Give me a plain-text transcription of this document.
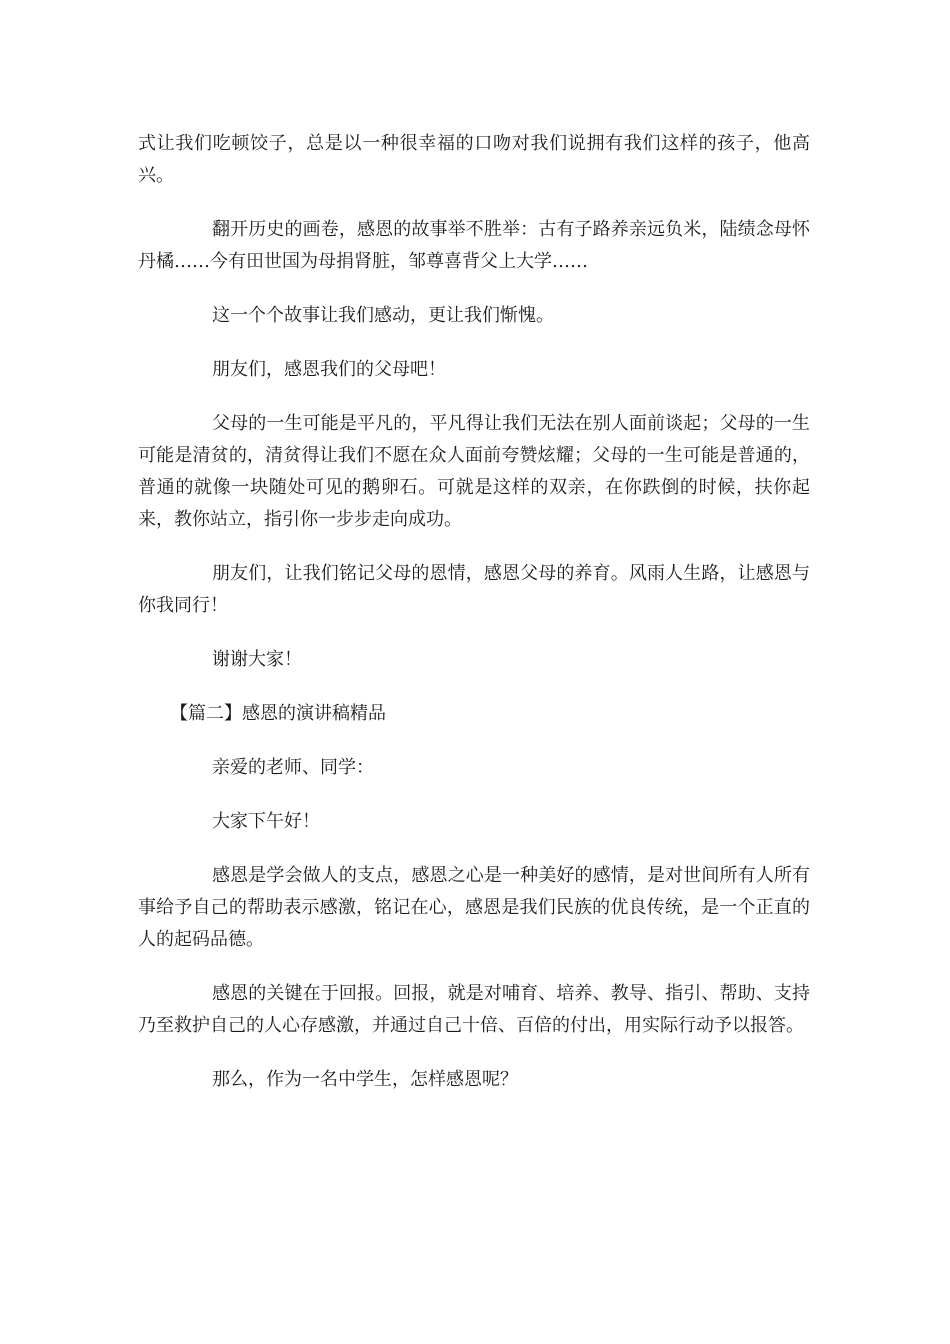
式让我们吃顿饺子，总是以一种很幸福的口吻对我们说拥有我们这样的孩子，他高兴。

翻开历史的画卷，感恩的故事举不胜举：古有子路养亲远负米，陆绩念母怀丹橘……今有田世国为母捐肾脏，邹尊喜背父上大学……

这一个个故事让我们感动，更让我们惭愧。

朋友们，感恩我们的父母吧！

父母的一生可能是平凡的，平凡得让我们无法在别人面前谈起；父母的一生可能是清贫的，清贫得让我们不愿在众人面前夸赞炫耀；父母的一生可能是普通的，普通的就像一块随处可见的鹅卵石。可就是这样的双亲，在你跌倒的时候，扶你起来，教你站立，指引你一步步走向成功。

朋友们，让我们铭记父母的恩情，感恩父母的养育。风雨人生路，让感恩与你我同行！

谢谢大家！

【篇二】感恩的演讲稿精品

亲爱的老师、同学：

大家下午好！

感恩是学会做人的支点，感恩之心是一种美好的感情，是对世间所有人所有事给予自己的帮助表示感激，铭记在心，感恩是我们民族的优良传统，是一个正直的人的起码品德。

感恩的关键在于回报。回报，就是对哺育、培养、教导、指引、帮助、支持乃至救护自己的人心存感激，并通过自己十倍、百倍的付出，用实际行动予以报答。

那么，作为一名中学生，怎样感恩呢？
